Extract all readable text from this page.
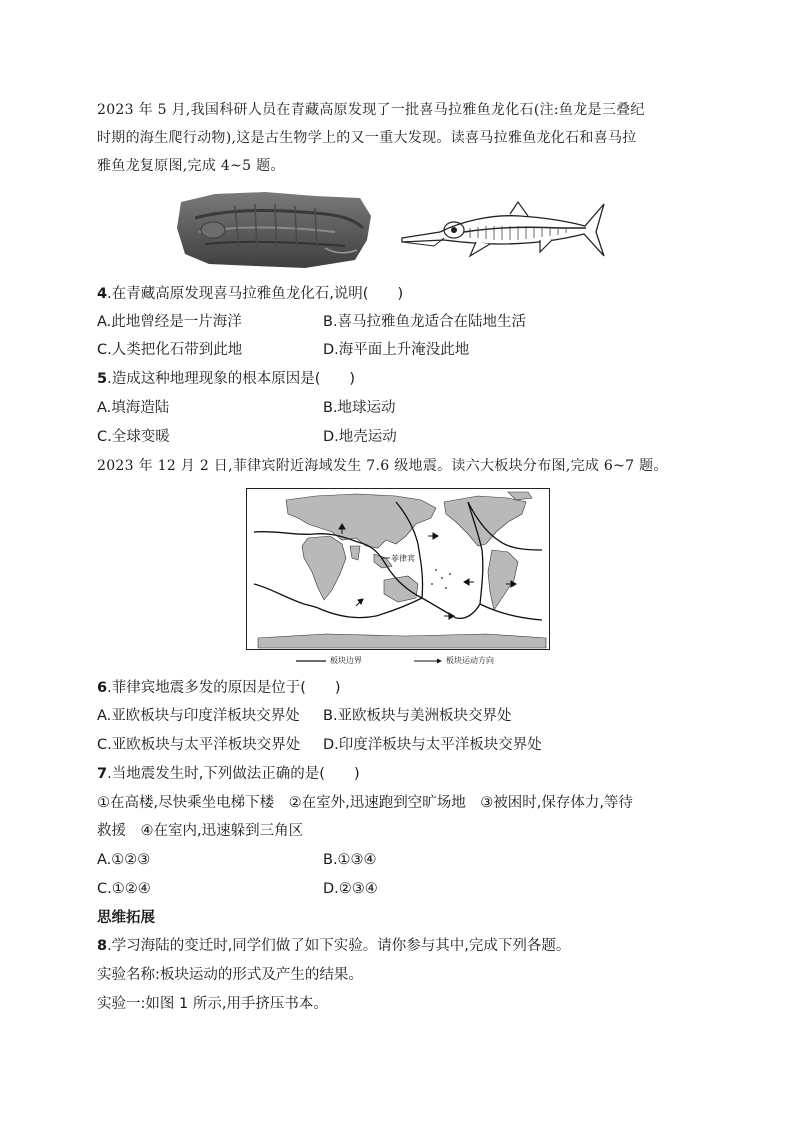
2023 年 5 月,我国科研人员在青藏高原发现了一批喜马拉雅鱼龙化石(注:鱼龙是三叠纪
时期的海生爬行动物),这是古生物学上的又一重大发现。读喜马拉雅鱼龙化石和喜马拉
雅鱼龙复原图,完成 4~5 题。
4.在青藏高原发现喜马拉雅鱼龙化石,说明(　　)
A.此地曾经是一片海洋	B.喜马拉雅鱼龙适合在陆地生活
C.人类把化石带到此地	D.海平面上升淹没此地
5.造成这种地理现象的根本原因是(　　)
A.填海造陆	B.地球运动
C.全球变暖	D.地壳运动
2023 年 12 月 2 日,菲律宾附近海域发生 7.6 级地震。读六大板块分布图,完成 6~7 题。
菲律宾
板块边界	板块运动方向
6.菲律宾地震多发的原因是位于(　　)
A.亚欧板块与印度洋板块交界处 B.亚欧板块与美洲板块交界处
C.亚欧板块与太平洋板块交界处 D.印度洋板块与太平洋板块交界处
7.当地震发生时,下列做法正确的是(　　)
①在高楼,尽快乘坐电梯下楼　②在室外,迅速跑到空旷场地　③被困时,保存体力,等待
救援　④在室内,迅速躲到三角区
A.①②③	B.①③④
C.①②④	D.②③④
思维拓展
8.学习海陆的变迁时,同学们做了如下实验。请你参与其中,完成下列各题。
实验名称:板块运动的形式及产生的结果。
实验一:如图 1 所示,用手挤压书本。
